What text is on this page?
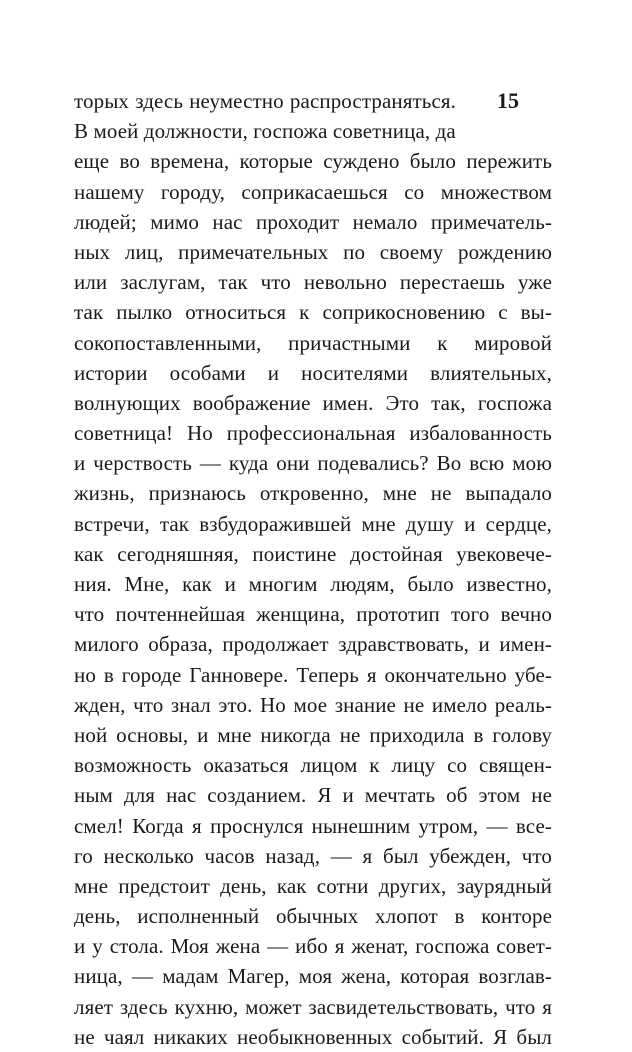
15
торых здесь неуместно распространяться.
В моей должности, госпожа советница, да
еще во времена, которые суждено было пережить
нашему городу, соприкасаешься со множеством
людей; мимо нас проходит немало примечатель-
ных лиц, примечательных по своему рождению
или заслугам, так что невольно перестаешь уже
так пылко относиться к соприкосновению с вы-
сокопоставленными, причастными к мировой
истории особами и носителями влиятельных,
волнующих воображение имен. Это так, госпожа
советница! Но профессиональная избалованность
и черствость — куда они подевались? Во всю мою
жизнь, признаюсь откровенно, мне не выпадало
встречи, так взбудоражившей мне душу и сердце,
как сегодняшняя, поистине достойная увековече-
ния. Мне, как и многим людям, было известно,
что почтеннейшая женщина, прототип того вечно
милого образа, продолжает здравствовать, и имен-
но в городе Ганновере. Теперь я окончательно убе-
жден, что знал это. Но мое знание не имело реаль-
ной основы, и мне никогда не приходила в голову
возможность оказаться лицом к лицу со священ-
ным для нас созданием. Я и мечтать об этом не
смел! Когда я проснулся нынешним утром, — все-
го несколько часов назад, — я был убежден, что
мне предстоит день, как сотни других, заурядный
день, исполненный обычных хлопот в конторе
и у стола. Моя жена — ибо я женат, госпожа совет-
ница, — мадам Магер, моя жена, которая возглав-
ляет здесь кухню, может засвидетельствовать, что я
не чаял никаких необыкновенных событий. Я был
